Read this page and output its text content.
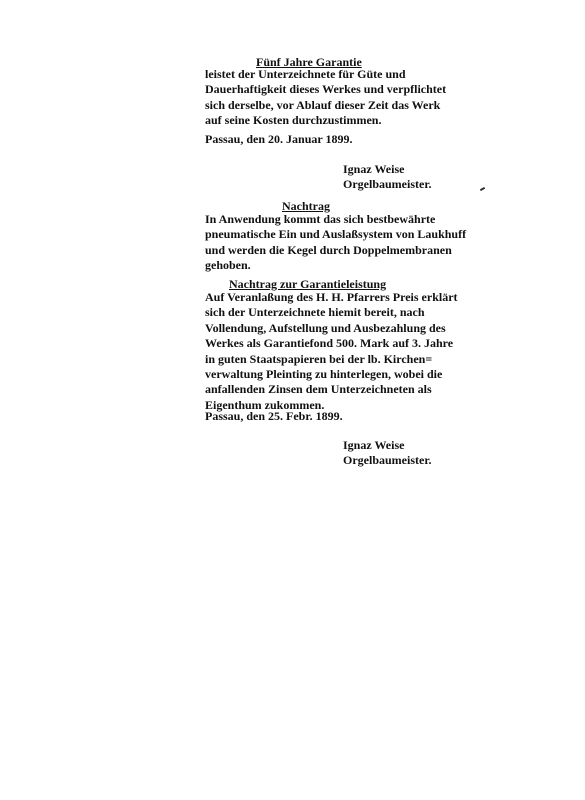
Fünf Jahre Garantie
leistet der Unterzeichnete für Güte und
Dauerhaftigkeit dieses Werkes und verpflichtet
sich derselbe, vor Ablauf dieser Zeit das Werk
auf seine Kosten durchzustimmen.
Passau, den 20. Januar 1899.
Ignaz Weise
Orgelbaumeister.
Nachtrag
In Anwendung kommt das sich bestbewährte
pneumatische Ein und Auslaßsystem von Laukhuff
und werden die Kegel durch Doppelmembranen
gehoben.
Nachtrag zur Garantieleistung
Auf Veranlaßung des H. H. Pfarrers Preis erklärt
sich der Unterzeichnete hiemit bereit, nach
Vollendung, Aufstellung und Ausbezahlung des
Werkes als Garantiefond 500. Mark auf 3. Jahre
in guten Staatspapieren bei der lb. Kirchen=
verwaltung Pleinting zu hinterlegen, wobei die
anfallenden Zinsen dem Unterzeichneten als
Eigenthum zukommen.
Passau, den 25. Febr. 1899.
Ignaz Weise
Orgelbaumeister.
